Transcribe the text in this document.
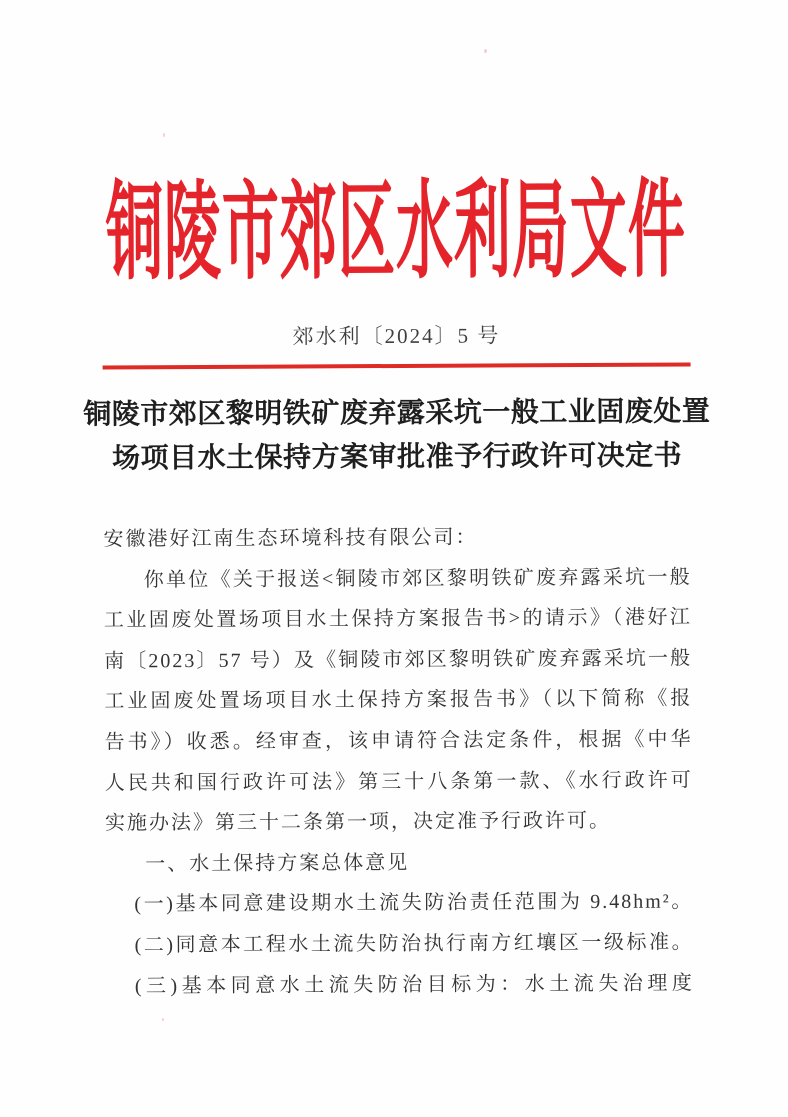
铜陵市郊区水利局文件
郊水利〔2024〕5 号
铜陵市郊区黎明铁矿废弃露采坑一般工业固废处置
场项目水土保持方案审批准予行政许可决定书
安徽港好江南生态环境科技有限公司：
你单位《关于报送<铜陵市郊区黎明铁矿废弃露采坑一般
工业固废处置场项目水土保持方案报告书>的请示》（港好江
南〔2023〕57 号）及《铜陵市郊区黎明铁矿废弃露采坑一般
工业固废处置场项目水土保持方案报告书》（以下简称《报
告书》）收悉。经审查，该申请符合法定条件，根据《中华
人民共和国行政许可法》第三十八条第一款、《水行政许可
实施办法》第三十二条第一项，决定准予行政许可。
一、水土保持方案总体意见
(一)基本同意建设期水土流失防治责任范围为 9.48hm²。
(二)同意本工程水土流失防治执行南方红壤区一级标准。
(三)基本同意水土流失防治目标为：水土流失治理度
